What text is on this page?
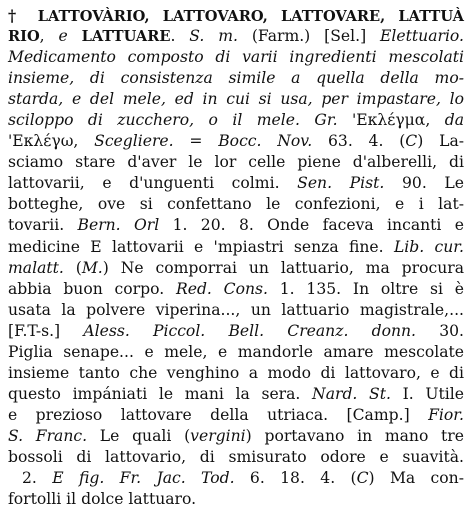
† LATTOVÀRIO, LATTOVARO, LATTOVARE, LATTUÀ
RIO, e LATTUARE. S. m. (Farm.) [Sel.] Elettuario.
Medicamento composto di varii ingredienti mescolati
insieme, di consistenza simile a quella della mo-
starda, e del mele, ed in cui si usa, per impastare, lo
sciloppo di zucchero, o il mele. Gr. 'Εκλέγμα, da
'Εκλέγω, Scegliere. = Bocc. Nov. 63. 4. (C) La-
sciamo stare d'aver le lor celle piene d'alberelli, di
lattovarii, e d'unguenti colmi. Sen. Pist. 90. Le
botteghe, ove si confettano le confezioni, e i lat-
tovarii. Bern. Orl 1. 20. 8. Onde faceva incanti e
medicine E lattovarii e 'mpiastri senza fine. Lib. cur.
malatt. (M.) Ne comporrai un lattuario, ma procura
abbia buon corpo. Red. Cons. 1. 135. In oltre si è
usata la polvere viperina..., un lattuario magistrale,...
[F.T-s.] Aless. Piccol. Bell. Creanz. donn. 30.
Piglia senape... e mele, e mandorle amare mescolate
insieme tanto che venghino a modo di lattovaro, e di
questo impániati le mani la sera. Nard. St. I. Utile
e prezioso lattovare della utriaca. [Camp.] Fior.
S. Franc. Le quali (vergini) portavano in mano tre
bossoli di lattovario, di smisurato odore e suavità.
2. E fig. Fr. Jac. Tod. 6. 18. 4. (C) Ma con-
fortolli il dolce lattuaro.
